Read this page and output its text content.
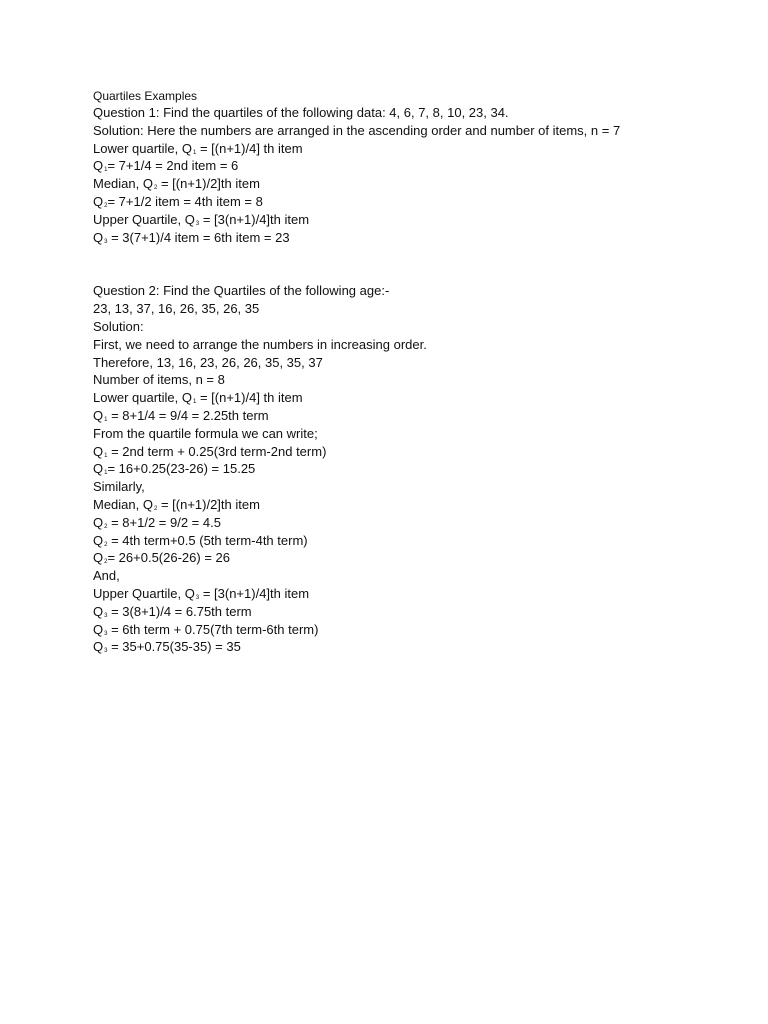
Quartiles Examples
Question 1: Find the quartiles of the following data: 4, 6, 7, 8, 10, 23, 34.
Solution: Here the numbers are arranged in the ascending order and number of items, n = 7
Lower quartile, $Q_1 = [(n+1)/4]$ th item
$Q_1= 7+1/4 = 2nd$ item = 6
Median, $Q_2 = [(n+1)/2]th$ item
$Q_2= 7+1/2$ item = 4th item = 8
Upper Quartile, $Q_3 = [3(n+1)/4]th$ item
$Q_3 = 3(7+1)/4$ item = 6th item = 23
Question 2: Find the Quartiles of the following age:-
23, 13, 37, 16, 26, 35, 26, 35
Solution:
First, we need to arrange the numbers in increasing order.
Therefore, 13, 16, 23, 26, 26, 35, 35, 37
Number of items, n = 8
Lower quartile, $Q_1 = [(n+1)/4]$ th item
$Q_1 = 8+1/4 = 9/4 = 2.25th$ term
From the quartile formula we can write;
$Q_1 = 2nd$ term + 0.25(3rd term-2nd term)
$Q_1= 16+0.25(23-26) = 15.25$
Similarly,
Median, $Q_2 = [(n+1)/2]th$ item
$Q_2 = 8+1/2 = 9/2 = 4.5$
$Q_2 = 4th$ term+0.5 (5th term-4th term)
$Q_2= 26+0.5(26-26) = 26$
And,
Upper Quartile, $Q_3 = [3(n+1)/4]th$ item
$Q_3 = 3(8+1)/4 = 6.75th$ term
$Q_3 = 6th$ term + 0.75(7th term-6th term)
$Q_3 = 35+0.75(35-35) = 35$
